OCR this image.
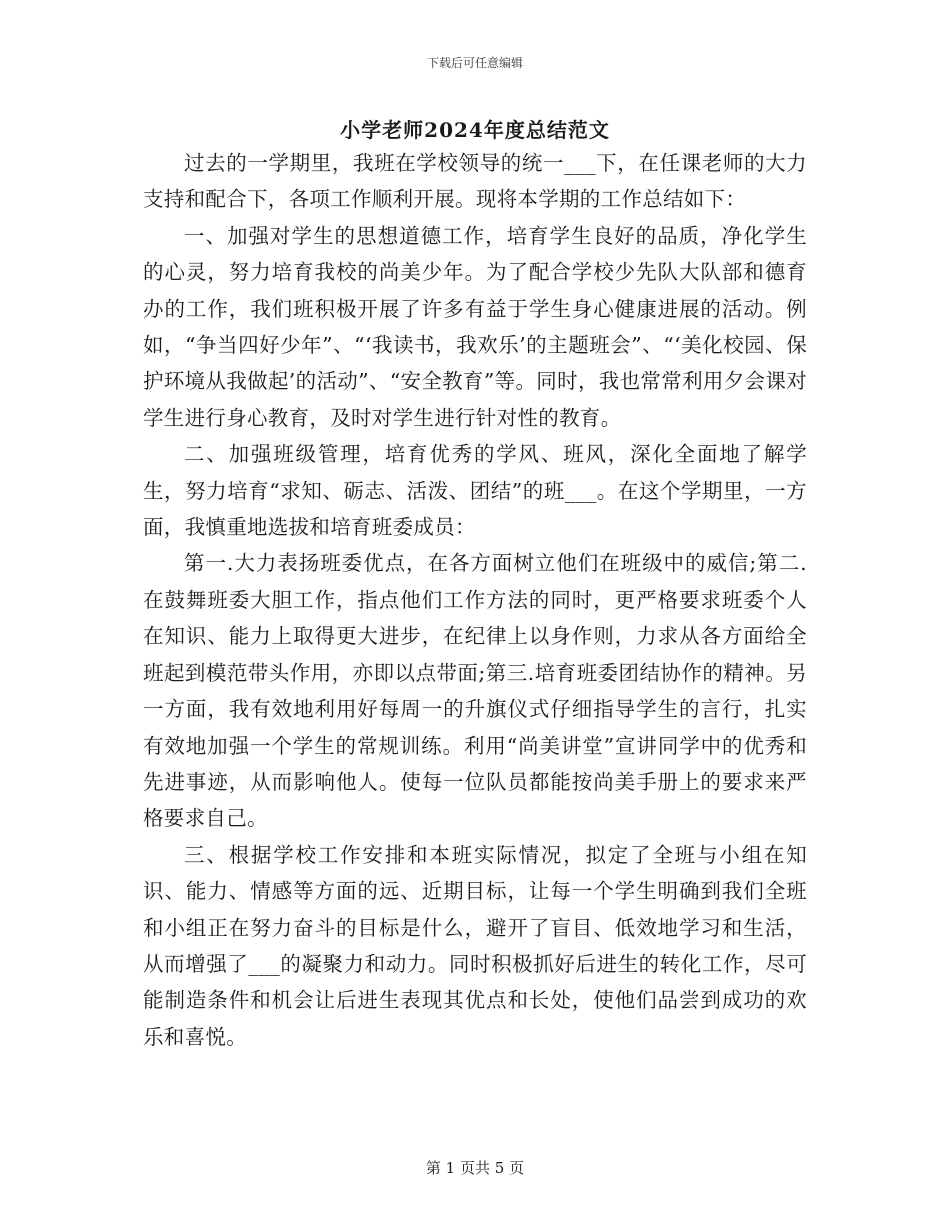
下载后可任意编辑
小学老师2024年度总结范文

过去的一学期里，我班在学校领导的统一___下，在任课老师的大力支持和配合下，各项工作顺利开展。现将本学期的工作总结如下：

一、加强对学生的思想道德工作，培育学生良好的品质，净化学生的心灵，努力培育我校的尚美少年。为了配合学校少先队大队部和德育办的工作，我们班积极开展了许多有益于学生身心健康进展的活动。例如，“争当四好少年”、“‘我读书，我欢乐’的主题班会”、“‘美化校园、保护环境从我做起’的活动”、“安全教育”等。同时，我也常常利用夕会课对学生进行身心教育，及时对学生进行针对性的教育。

二、加强班级管理，培育优秀的学风、班风，深化全面地了解学生，努力培育“求知、砺志、活泼、团结”的班___。在这个学期里，一方面，我慎重地选拔和培育班委成员：

第一.大力表扬班委优点，在各方面树立他们在班级中的威信;第二.在鼓舞班委大胆工作，指点他们工作方法的同时，更严格要求班委个人在知识、能力上取得更大进步，在纪律上以身作则，力求从各方面给全班起到模范带头作用，亦即以点带面;第三.培育班委团结协作的精神。另一方面，我有效地利用好每周一的升旗仪式仔细指导学生的言行，扎实有效地加强一个学生的常规训练。利用“尚美讲堂”宣讲同学中的优秀和先进事迹，从而影响他人。使每一位队员都能按尚美手册上的要求来严格要求自己。

三、根据学校工作安排和本班实际情况，拟定了全班与小组在知识、能力、情感等方面的远、近期目标，让每一个学生明确到我们全班和小组正在努力奋斗的目标是什么，避开了盲目、低效地学习和生活，从而增强了___的凝聚力和动力。同时积极抓好后进生的转化工作，尽可能制造条件和机会让后进生表现其优点和长处，使他们品尝到成功的欢乐和喜悦。

第 1 页共 5 页
